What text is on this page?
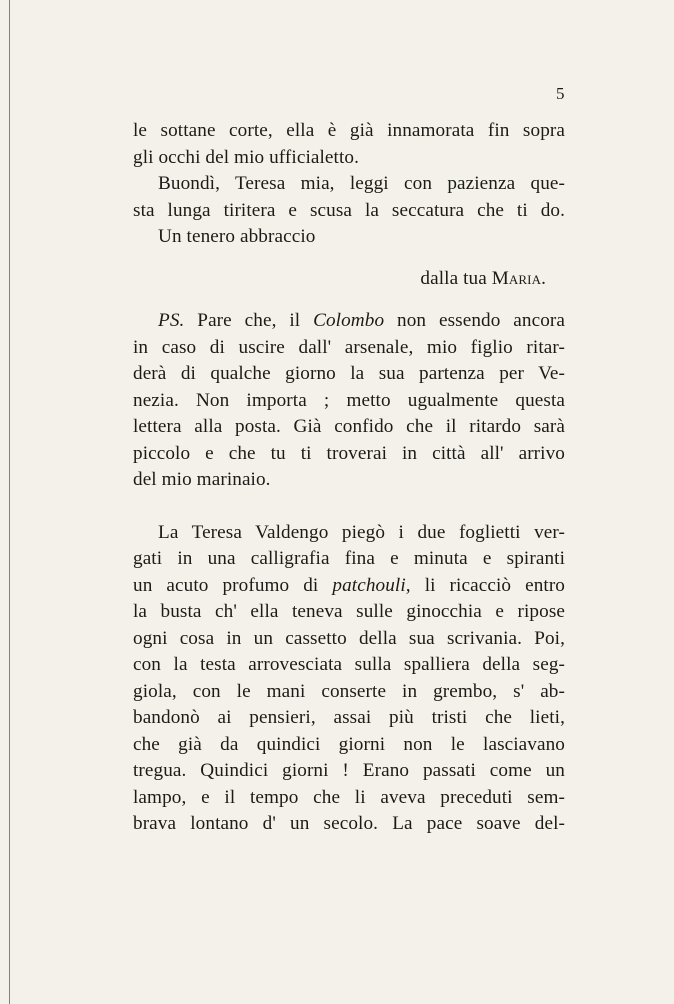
5
le sottane corte, ella è già innamorata fin sopra
gli occhi del mio ufficialetto.
Buondì, Teresa mia, leggi con pazienza que-
sta lunga tiritera e scusa la seccatura che ti do.
Un tenero abbraccio
dalla tua Maria.
PS. Pare che, il Colombo non essendo ancora
in caso di uscire dall' arsenale, mio figlio ritar-
derà di qualche giorno la sua partenza per Ve-
nezia. Non importa ; metto ugualmente questa
lettera alla posta. Già confido che il ritardo sarà
piccolo e che tu ti troverai in città all' arrivo
del mio marinaio.
La Teresa Valdengo piegò i due foglietti ver-
gati in una calligrafia fina e minuta e spiranti
un acuto profumo di patchouli, li ricacciò entro
la busta ch' ella teneva sulle ginocchia e ripose
ogni cosa in un cassetto della sua scrivania. Poi,
con la testa arrovesciata sulla spalliera della seg-
giola, con le mani conserte in grembo, s' ab-
bandonò ai pensieri, assai più tristi che lieti,
che già da quindici giorni non le lasciavano
tregua. Quindici giorni ! Erano passati come un
lampo, e il tempo che li aveva preceduti sem-
brava lontano d' un secolo. La pace soave del-
